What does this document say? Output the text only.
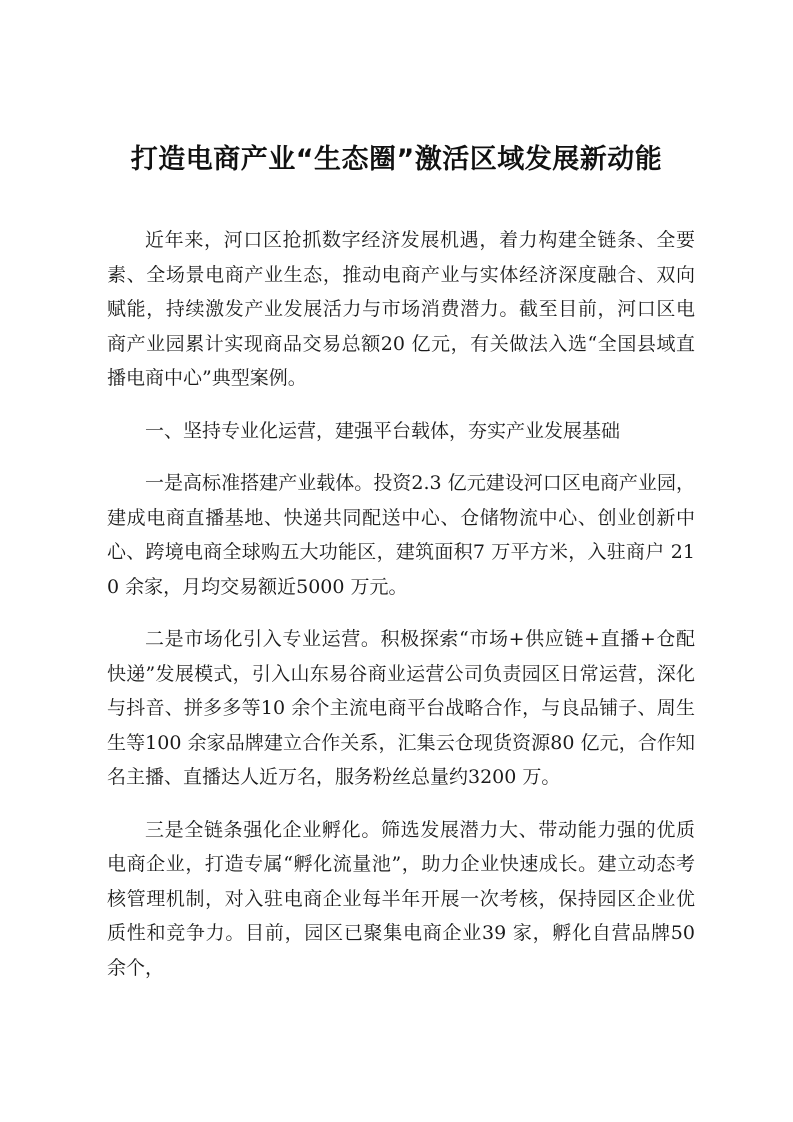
打造电商产业“生态圈”激活区域发展新动能

近年来，河口区抢抓数字经济发展机遇，着力构建全链条、全要素、全场景电商产业生态，推动电商产业与实体经济深度融合、双向赋能，持续激发产业发展活力与市场消费潜力。截至目前，河口区电商产业园累计实现商品交易总额20 亿元，有关做法入选“全国县域直播电商中心”典型案例。

一、坚持专业化运营，建强平台载体，夯实产业发展基础

一是高标准搭建产业载体。投资2.3 亿元建设河口区电商产业园，建成电商直播基地、快递共同配送中心、仓储物流中心、创业创新中心、跨境电商全球购五大功能区，建筑面积7 万平方米，入驻商户 210 余家，月均交易额近5000 万元。

二是市场化引入专业运营。积极探索“市场+供应链+直播+仓配快递”发展模式，引入山东易谷商业运营公司负责园区日常运营，深化与抖音、拼多多等10 余个主流电商平台战略合作，与良品铺子、周生生等100 余家品牌建立合作关系，汇集云仓现货资源80 亿元，合作知名主播、直播达人近万名，服务粉丝总量约3200 万。

三是全链条强化企业孵化。筛选发展潜力大、带动能力强的优质电商企业，打造专属“孵化流量池”，助力企业快速成长。建立动态考核管理机制，对入驻电商企业每半年开展一次考核，保持园区企业优质性和竞争力。目前，园区已聚集电商企业39 家，孵化自营品牌50 余个，
